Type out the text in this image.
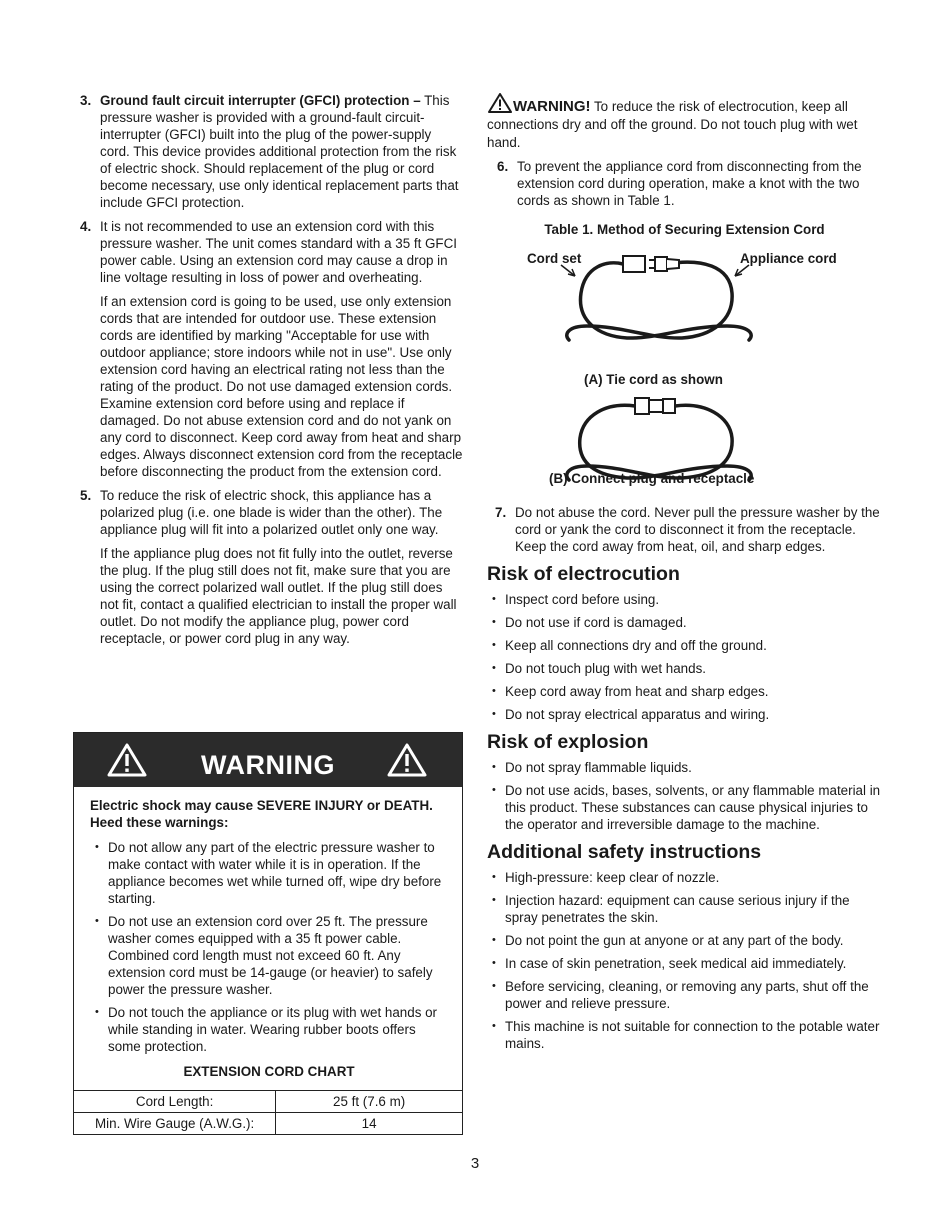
3. Ground fault circuit interrupter (GFCI) protection – This pressure washer is provided with a ground-fault circuit-interrupter (GFCI) built into the plug of the power-supply cord. This device provides additional protection from the risk of electric shock. Should replacement of the plug or cord become necessary, use only identical replacement parts that include GFCI protection.
4. It is not recommended to use an extension cord with this pressure washer. The unit comes standard with a 35 ft GFCI power cable. Using an extension cord may cause a drop in line voltage resulting in loss of power and overheating.

If an extension cord is going to be used, use only extension cords that are intended for outdoor use. These extension cords are identified by marking "Acceptable for use with outdoor appliance; store indoors while not in use". Use only extension cord having an electrical rating not less than the rating of the product. Do not use damaged extension cords. Examine extension cord before using and replace if damaged. Do not abuse extension cord and do not yank on any cord to disconnect. Keep cord away from heat and sharp edges. Always disconnect extension cord from the receptacle before disconnecting the product from the extension cord.

5. To reduce the risk of electric shock, this appliance has a polarized plug (i.e. one blade is wider than the other). The appliance plug will fit into a polarized outlet only one way.

If the appliance plug does not fit fully into the outlet, reverse the plug. If the plug still does not fit, make sure that you are using the correct polarized wall outlet. If the plug still does not fit, contact a qualified electrician to install the proper wall outlet. Do not modify the appliance plug, power cord receptacle, or power cord plug in any way.

WARNING

Electric shock may cause SEVERE INJURY or DEATH. Heed these warnings:

• Do not allow any part of the electric pressure washer to make contact with water while it is in operation. If the appliance becomes wet while turned off, wipe dry before starting.
• Do not use an extension cord over 25 ft. The pressure washer comes equipped with a 35 ft power cable. Combined cord length must not exceed 60 ft. Any extension cord must be 14-gauge (or heavier) to safely power the pressure washer.
• Do not touch the appliance or its plug with wet hands or while standing in water. Wearing rubber boots offers some protection.
EXTENSION CORD CHART
Cord Length:	25 ft (7.6 m)
Min. Wire Gauge (A.W.G.):	14

WARNING! To reduce the risk of electrocution, keep all connections dry and off the ground. Do not touch plug with wet hand.

6. To prevent the appliance cord from disconnecting from the extension cord during operation, make a knot with the two cords as shown in Table 1.
Table 1. Method of Securing Extension Cord
Cord set	Appliance cord
(A) Tie cord as shown
(B) Connect plug and receptacle
7. Do not abuse the cord. Never pull the pressure washer by the cord or yank the cord to disconnect it from the receptacle. Keep the cord away from heat, oil, and sharp edges.
Risk of electrocution
• Inspect cord before using.
• Do not use if cord is damaged.
• Keep all connections dry and off the ground.
• Do not touch plug with wet hands.
• Keep cord away from heat and sharp edges.
• Do not spray electrical apparatus and wiring.
Risk of explosion
• Do not spray flammable liquids.
• Do not use acids, bases, solvents, or any flammable material in this product. These substances can cause physical injuries to the operator and irreversible damage to the machine.
Additional safety instructions
• High-pressure: keep clear of nozzle.
• Injection hazard: equipment can cause serious injury if the spray penetrates the skin.
• Do not point the gun at anyone or at any part of the body.
• In case of skin penetration, seek medical aid immediately.
• Before servicing, cleaning, or removing any parts, shut off the power and relieve pressure.
• This machine is not suitable for connection to the potable water mains.
3
